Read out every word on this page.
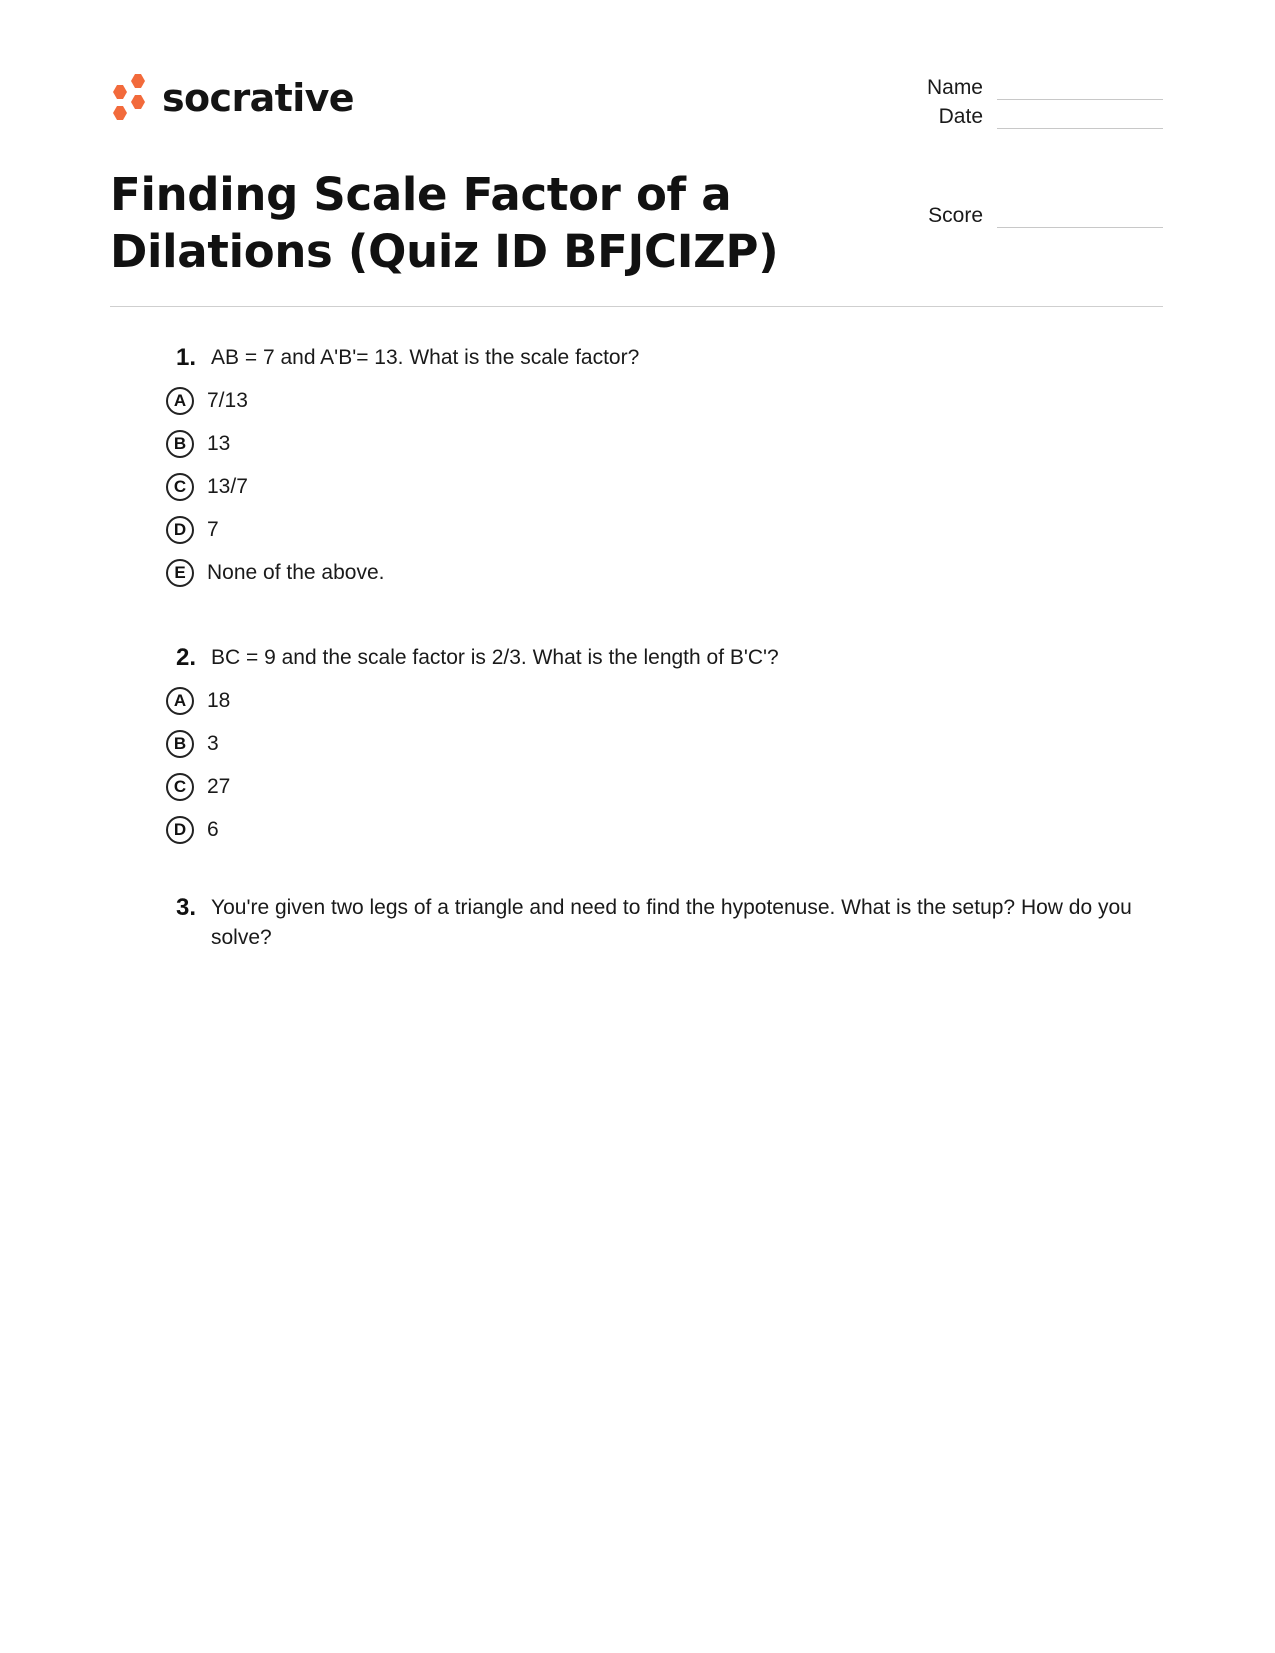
socrative	Name
Date
Score
Finding Scale Factor of a Dilations (Quiz ID BFJCIZP)
1. AB = 7 and A'B'= 13. What is the scale factor?
A 7/13
B 13
C 13/7
D 7
E	None of the above.
2. BC = 9 and the scale factor is 2/3. What is the length of B'C'?
A 18
B 3
C 27
D 6
3. You're given two legs of a triangle and need to find the hypotenuse. What is the setup? How do you solve?
